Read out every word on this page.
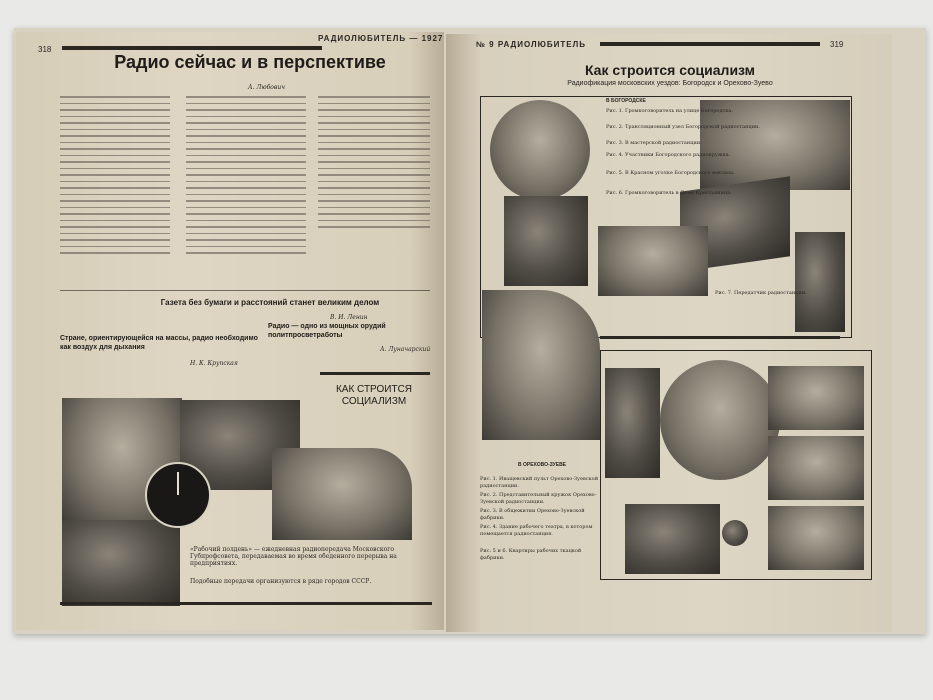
318
РАДИОЛЮБИТЕЛЬ — 1927
Радио сейчас и в перспективе
А. Любович
Газета без бумаги и расстояний станет великим делом
В. И. Ленин
Стране, ориентирующейся на массы, радио необходимо как воздух для дыхания
Н. К. Крупская
Радио — одно из мощных орудий политпросветработы
А. Луначарский
КАК СТРОИТСЯ СОЦИАЛИЗМ
«Рабочий полдень» — ежедневная радиопередача Московского Губпрофсовета, передаваемая во время обеденного перерыва на предприятиях.
Подобные передачи организуются в ряде городов СССР.
№ 9 РАДИОЛЮБИТЕЛЬ	319
Как строится социализм
Радиофикация московских уездов: Богородск и Орехово-Зуево
В БОГОРОДСКЕ
Рис. 1. Громкоговоритель на улице Богородска.
Рис. 2. Трансляционный узел Богородской радиостанции.
Рис. 3. В мастерской радиостанции.
Рис. 4. Участники Богородского радиокружка.
Рис. 5. В Красном уголке Богородского вокзала.
Рис. 6. Громкоговоритель в Доме Крестьянина.
Рис. 7. Передатчик радиостанции.
В ОРЕХОВО-ЗУЕВЕ
Рис. 1. Иващевский пульт Орехово-Зуевской радиостанции.
Рис. 2. Представительный кружок Орехово-Зуевской радиостанции.
Рис. 3. В общежитии Орехово-Зуевской фабрики.
Рис. 4. Здание рабочего театра, в котором помещается радиостанция.
Рис. 5 и 6. Квартиры рабочих ткацкой фабрики.
